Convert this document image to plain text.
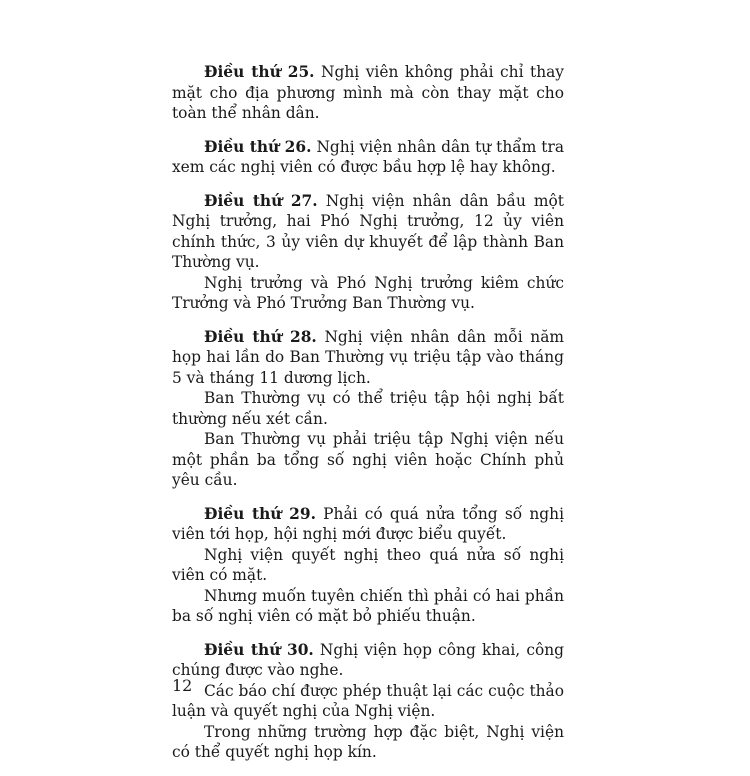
Điều thứ 25. Nghị viên không phải chỉ thay mặt cho địa phương mình mà còn thay mặt cho toàn thể nhân dân.

Điều thứ 26. Nghị viện nhân dân tự thẩm tra xem các nghị viên có được bầu hợp lệ hay không.

Điều thứ 27. Nghị viện nhân dân bầu một Nghị trưởng, hai Phó Nghị trưởng, 12 ủy viên chính thức, 3 ủy viên dự khuyết để lập thành Ban Thường vụ.

Nghị trưởng và Phó Nghị trưởng kiêm chức Trưởng và Phó Trưởng Ban Thường vụ.

Điều thứ 28. Nghị viện nhân dân mỗi năm họp hai lần do Ban Thường vụ triệu tập vào tháng 5 và tháng 11 dương lịch.

Ban Thường vụ có thể triệu tập hội nghị bất thường nếu xét cần.

Ban Thường vụ phải triệu tập Nghị viện nếu một phần ba tổng số nghị viên hoặc Chính phủ yêu cầu.

Điều thứ 29. Phải có quá nửa tổng số nghị viên tới họp, hội nghị mới được biểu quyết.

Nghị viện quyết nghị theo quá nửa số nghị viên có mặt.

Nhưng muốn tuyên chiến thì phải có hai phần ba số nghị viên có mặt bỏ phiếu thuận.

Điều thứ 30. Nghị viện họp công khai, công chúng được vào nghe.

Các báo chí được phép thuật lại các cuộc thảo luận và quyết nghị của Nghị viện.

Trong những trường hợp đặc biệt, Nghị viện có thể quyết nghị họp kín.

12
